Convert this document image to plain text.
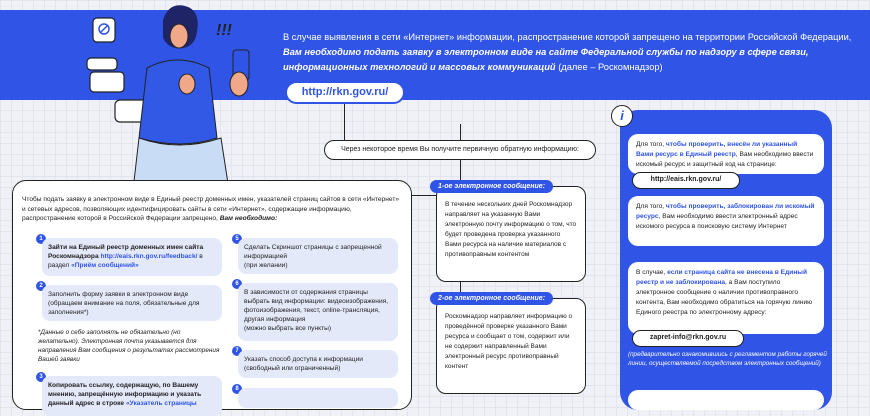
В случае выявления в сети «Интернет» информации, распространение которой запрещено на территории Российской Федерации,
Вам необходимо подать заявку в электронном виде на сайте Федеральной службы по надзору в сфере связи,
информационных технологий и массовых коммуникаций (далее – Роскомнадзор)
http://rkn.gov.ru/
!!!
Через некоторое время Вы получите первичную обратную информацию:
Чтобы подать заявку в электронном виде в Единый реестр доменных имен, указателей страниц сайтов в сети «Интернет» и сетевых адресов, позволяющих идентифицировать сайты в сети «Интернет», содержащие информацию, распространение которой в Российской Федерации запрещено, Вам необходимо:
1
Зайти на Единый реестр доменных имен сайта Роскомнадзора http://eais.rkn.gov.ru/feedback/ в раздел «Приём сообщений»
2
Заполнить форму заявки в электронном виде
(обращаем внимание на поля, обязательные для заполнения*)
*Данные о себе заполнять не обязательно (но желательно). Электронная почта указывается для направления Вам сообщения о результатах рассмотрения Вашей заявки
3
Копировать ссылку, содержащую, по Вашему мнению, запрещённую информацию и указать данный адрес в строке «Указатель страницы
5
Сделать Скриншот страницы с запрещенной информацией
(при желании)
6
В зависимости от содержания страницы выбрать вид информации: видеоизображения, фотоизображения, текст, online-трансляция, другая информация
(можно выбрать все пункты)
7
Указать способ доступа к информации
(свободный или ограниченный)
8
В течение нескольких дней Роскомнадзор направляет на указанную Вами электронную почту информацию о том, что будет проведена проверка указанного Вами ресурса на наличие материалов с противоправным контентом
1-ое электронное сообщение:
Роскомнадзор направляет информацию о проведённой проверке указанного Вами ресурса и сообщает о том, содержит или не содержит направленный Вами электронный ресурс противоправный контент
2-ое электронное сообщение:
i
Для того, чтобы проверить, внесён ли указанный Вами ресурс в Единый реестр, Вам необходимо ввести искомый ресурс и защитный код на странице:
http://eais.rkn.gov.ru/
Для того, чтобы проверить, заблокирован ли искомый ресурс, Вам необходимо ввести электронный адрес искомого ресурса в поисковую систему Интернет
В случае, если страница сайта не внесена в Единый реестр и не заблокирована, а Вам поступило электронное сообщение о наличии противоправного контента, Вам необходимо обратиться на горячую линию Единого реестра по электронному адресу:
zapret-info@rkn.gov.ru
(предварительно ознакомившись с регламентом работы горячей линии, осуществляемой посредством электронных сообщений)
